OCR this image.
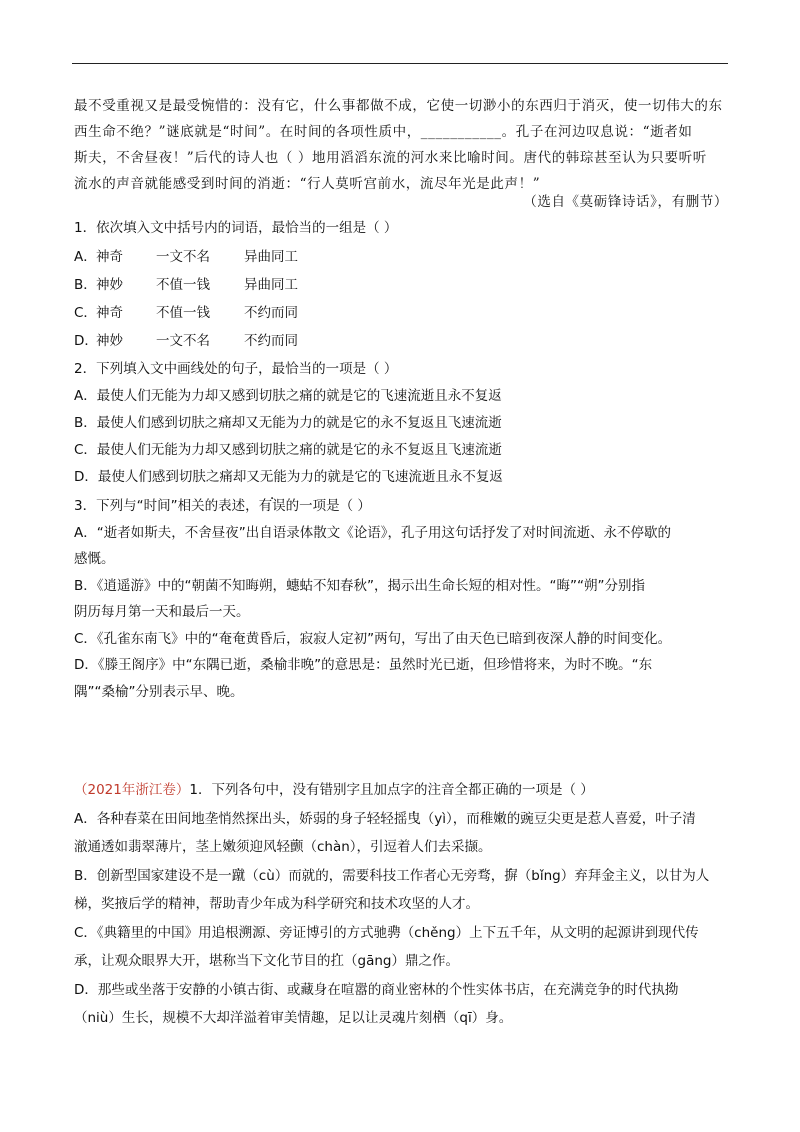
最不受重视又是最受惋惜的：没有它，什么事都做不成，它使一切渺小的东西归于消灭，使一切伟大的东

西生命不绝？”谜底就是“时间”。在时间的各项性质中，___________。孔子在河边叹息说：“逝者如

斯夫，不舍昼夜！”后代的诗人也（ ）地用滔滔东流的河水来比喻时间。唐代的韩琮甚至认为只要听听

流水的声音就能感受到时间的消逝：“行人莫听宫前水，流尽年光是此声！”

（选自《莫砺锋诗话》，有删节）

1．依次填入文中括号内的词语，最恰当的一组是（ ）

A． 神奇	一文不名	异曲同工
B． 神妙	不值一钱	异曲同工
C． 神奇	不值一钱	不约而同
D．
神妙	一文不名	不约而同

2．下列填入文中画线处的句子，最恰当的一项是（ ）

A．最使人们无能为力却又感到切肤之痛的就是它的飞速流逝且永不复返

B．最使人们感到切肤之痛却又无能为力的就是它的永不复返且飞速流逝

C．最使人们无能为力却又感到切肤之痛的就是它的永不复返且飞速流逝

D．最使人们感到切肤之痛却又无能为力的就是它的飞速流逝且永不复返

3．下列与“时间”相关的表述，有误的一项是（ ）

A．“逝者如斯夫，不舍昼夜”出自语录体散文《论语》，孔子用这句话抒发了对时间流逝、永不停歇的

感慨。

B．《逍遥游》中的“朝菌不知晦朔，蟪蛄不知春秋”，揭示出生命长短的相对性。“晦”“朔”分别指

阴历每月第一天和最后一天。

C．《孔雀东南飞》中的“奄奄黄昏后，寂寂人定初”两句，写出了由天色已暗到夜深人静的时间变化。

D．《滕王阁序》中“东隅已逝，桑榆非晚”的意思是：虽然时光已逝，但珍惜将来，为时不晚。“东

隅”“桑榆”分别表示早、晚。

（2021年浙江卷）1．下列各句中，没有错别字且加点字的注音全都正确的一项是（ ）

A．各种春菜在田间地垄悄然探出头，娇弱的身子轻轻摇曳（yì），而稚嫩的豌豆尖更是惹人喜爱，叶子清

澈通透如翡翠薄片，茎上嫩须迎风轻颤（chàn），引逗着人们去采撷。

B．创新型国家建设不是一蹴（cù）而就的，需要科技工作者心无旁骛，摒（bǐng）弃拜金主义，以甘为人

梯，奖掖后学的精神，帮助青少年成为科学研究和技术攻坚的人才。

C．《典籍里的中国》用追根溯源、旁证博引的方式驰骋（chěng）上下五千年，从文明的起源讲到现代传

承，让观众眼界大开，堪称当下文化节目的扛（gāng）鼎之作。

D．那些或坐落于安静的小镇古街、或藏身在喧嚣的商业密林的个性实体书店，在充满竞争的时代执拗

（niù）生长，规模不大却洋溢着审美情趣，足以让灵魂片刻栖（qī）身。
